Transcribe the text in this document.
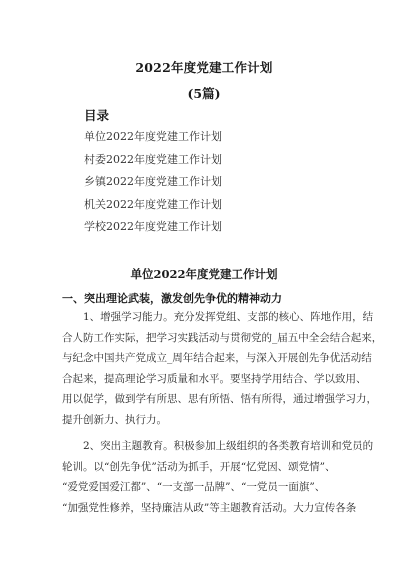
2022年度党建工作计划
(5篇)
目录
单位2022年度党建工作计划
村委2022年度党建工作计划
乡镇2022年度党建工作计划
机关2022年度党建工作计划
学校2022年度党建工作计划
单位2022年度党建工作计划
一、突出理论武装，激发创先争优的精神动力
1、增强学习能力。充分发挥党组、支部的核心、阵地作用，结
合人防工作实际，把学习实践活动与贯彻党的_届五中全会结合起来，
与纪念中国共产党成立_周年结合起来，与深入开展创先争优活动结
合起来，提高理论学习质量和水平。要坚持学用结合、学以致用、
用以促学，做到学有所思、思有所悟、悟有所得，通过增强学习力，
提升创新力、执行力。
2、突出主题教育。积极参加上级组织的各类教育培训和党员的
轮训。以“创先争优”活动为抓手，开展“忆党因、颂党情”、
“爱党爱国爱江都”、“一支部一品牌”、“一党员一面旗”、
“加强党性修养，坚持廉洁从政”等主题教育活动。大力宣传各条
